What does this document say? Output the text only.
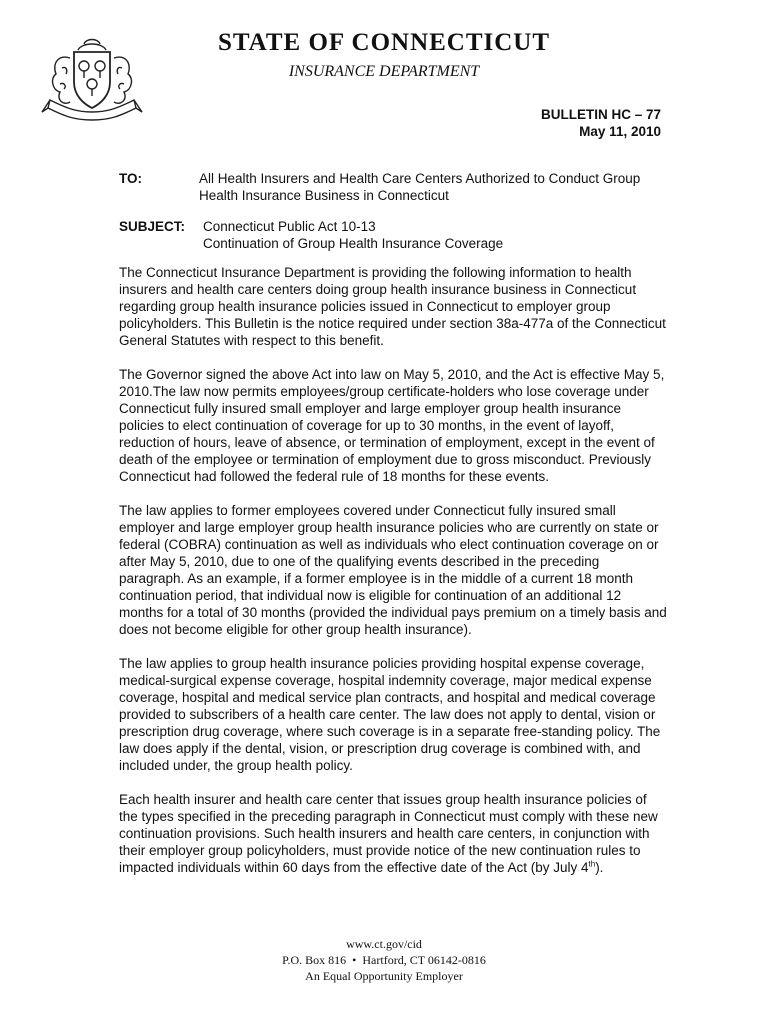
STATE OF CONNECTICUT
INSURANCE DEPARTMENT
BULLETIN HC – 77
May 11, 2010
TO:	All Health Insurers and Health Care Centers Authorized to Conduct Group
Health Insurance Business in Connecticut
SUBJECT: Connecticut Public Act 10-13
Continuation of Group Health Insurance Coverage

The Connecticut Insurance Department is providing the following information to health insurers and health care centers doing group health insurance business in Connecticut regarding group health insurance policies issued in Connecticut to employer group policyholders. This Bulletin is the notice required under section 38a-477a of the Connecticut General Statutes with respect to this benefit.

The Governor signed the above Act into law on May 5, 2010, and the Act is effective May 5, 2010.The law now permits employees/group certificate-holders who lose coverage under Connecticut fully insured small employer and large employer group health insurance policies to elect continuation of coverage for up to 30 months, in the event of layoff, reduction of hours, leave of absence, or termination of employment, except in the event of death of the employee or termination of employment due to gross misconduct. Previously Connecticut had followed the federal rule of 18 months for these events.

The law applies to former employees covered under Connecticut fully insured small employer and large employer group health insurance policies who are currently on state or federal (COBRA) continuation as well as individuals who elect continuation coverage on or after May 5, 2010, due to one of the qualifying events described in the preceding paragraph. As an example, if a former employee is in the middle of a current 18 month continuation period, that individual now is eligible for continuation of an additional 12 months for a total of 30 months (provided the individual pays premium on a timely basis and does not become eligible for other group health insurance).

The law applies to group health insurance policies providing hospital expense coverage, medical-surgical expense coverage, hospital indemnity coverage, major medical expense coverage, hospital and medical service plan contracts, and hospital and medical coverage provided to subscribers of a health care center. The law does not apply to dental, vision or prescription drug coverage, where such coverage is in a separate free-standing policy. The law does apply if the dental, vision, or prescription drug coverage is combined with, and included under, the group health policy.

Each health insurer and health care center that issues group health insurance policies of the types specified in the preceding paragraph in Connecticut must comply with these new continuation provisions. Such health insurers and health care centers, in conjunction with their employer group policyholders, must provide notice of the new continuation rules to impacted individuals within 60 days from the effective date of the Act (by July 4th).

www.ct.gov/cid
P.O. Box 816  •  Hartford, CT 06142-0816
An Equal Opportunity Employer
